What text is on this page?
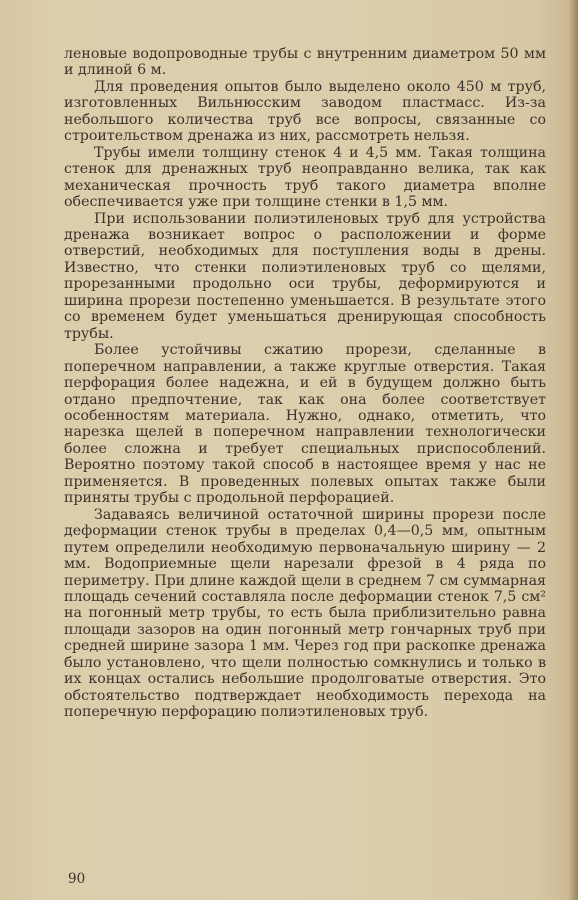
леновые водопроводные трубы с внутренним диаметром 50 мм и длиной 6 м.

Для проведения опытов было выделено около 450 м труб, изготовленных Вильнюсским заводом пластмасс. Из-за небольшого количества труб все вопросы, связанные со строительством дренажа из них, рассмотреть нельзя.

Трубы имели толщину стенок 4 и 4,5 мм. Такая толщина стенок для дренажных труб неоправданно велика, так как механическая прочность труб такого диаметра вполне обеспечивается уже при толщине стенки в 1,5 мм.

При использовании полиэтиленовых труб для устройства дренажа возникает вопрос о расположении и форме отверстий, необходимых для поступления воды в дрены. Известно, что стенки полиэтиленовых труб со щелями, прорезанными продольно оси трубы, деформируются и ширина прорези постепенно уменьшается. В результате этого со временем будет уменьшаться дренирующая способность трубы.

Более устойчивы сжатию прорези, сделанные в поперечном направлении, а также круглые отверстия. Такая перфорация более надежна, и ей в будущем должно быть отдано предпочтение, так как она более соответствует особенностям материала. Нужно, однако, отметить, что нарезка щелей в поперечном направлении технологически более сложна и требует специальных приспособлений. Вероятно поэтому такой способ в настоящее время у нас не применяется. В проведенных полевых опытах также были приняты трубы с продольной перфорацией.

Задаваясь величиной остаточной ширины прорези после деформации стенок трубы в пределах 0,4—0,5 мм, опытным путем определили необходимую первоначальную ширину — 2 мм. Водоприемные щели нарезали фрезой в 4 ряда по периметру. При длине каждой щели в среднем 7 см суммарная площадь сечений составляла после деформации стенок 7,5 см² на погонный метр трубы, то есть была приблизительно равна площади зазоров на один погонный метр гончарных труб при средней ширине зазора 1 мм. Через год при раскопке дренажа было установлено, что щели полностью сомкнулись и только в их концах остались небольшие продолговатые отверстия. Это обстоятельство подтверждает необходимость перехода на поперечную перфорацию полиэтиленовых труб.

90
